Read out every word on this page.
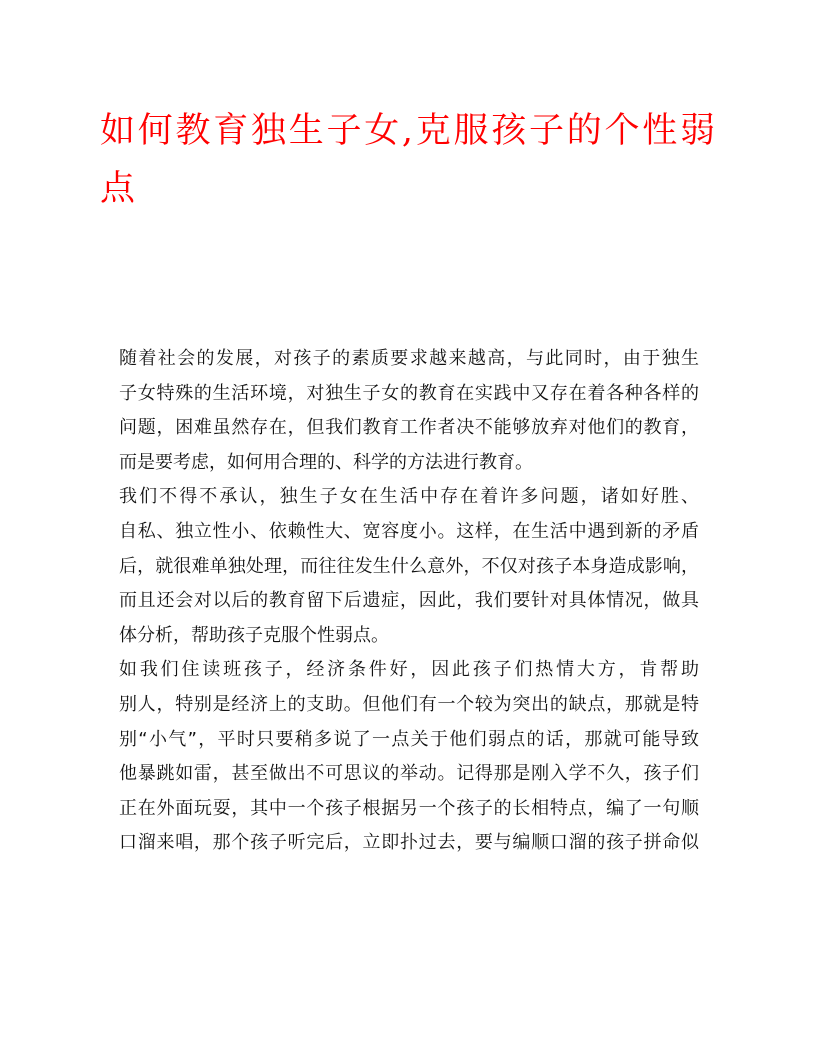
如何教育独生子女,克服孩子的个性弱
点

随着社会的发展，对孩子的素质要求越来越高，与此同时，由于独生
子女特殊的生活环境，对独生子女的教育在实践中又存在着各种各样的
问题，困难虽然存在，但我们教育工作者决不能够放弃对他们的教育，
而是要考虑，如何用合理的、科学的方法进行教育。

我们不得不承认，独生子女在生活中存在着许多问题，诸如好胜、
自私、独立性小、依赖性大、宽容度小。这样，在生活中遇到新的矛盾
后，就很难单独处理，而往往发生什么意外，不仅对孩子本身造成影响，
而且还会对以后的教育留下后遗症，因此，我们要针对具体情况，做具
体分析，帮助孩子克服个性弱点。

如我们住读班孩子，经济条件好，因此孩子们热情大方，肯帮助
别人，特别是经济上的支助。但他们有一个较为突出的缺点，那就是特
别“小气”，平时只要稍多说了一点关于他们弱点的话，那就可能导致
他暴跳如雷，甚至做出不可思议的举动。记得那是刚入学不久，孩子们
正在外面玩耍，其中一个孩子根据另一个孩子的长相特点，编了一句顺
口溜来唱，那个孩子听完后，立即扑过去，要与编顺口溜的孩子拼命似
